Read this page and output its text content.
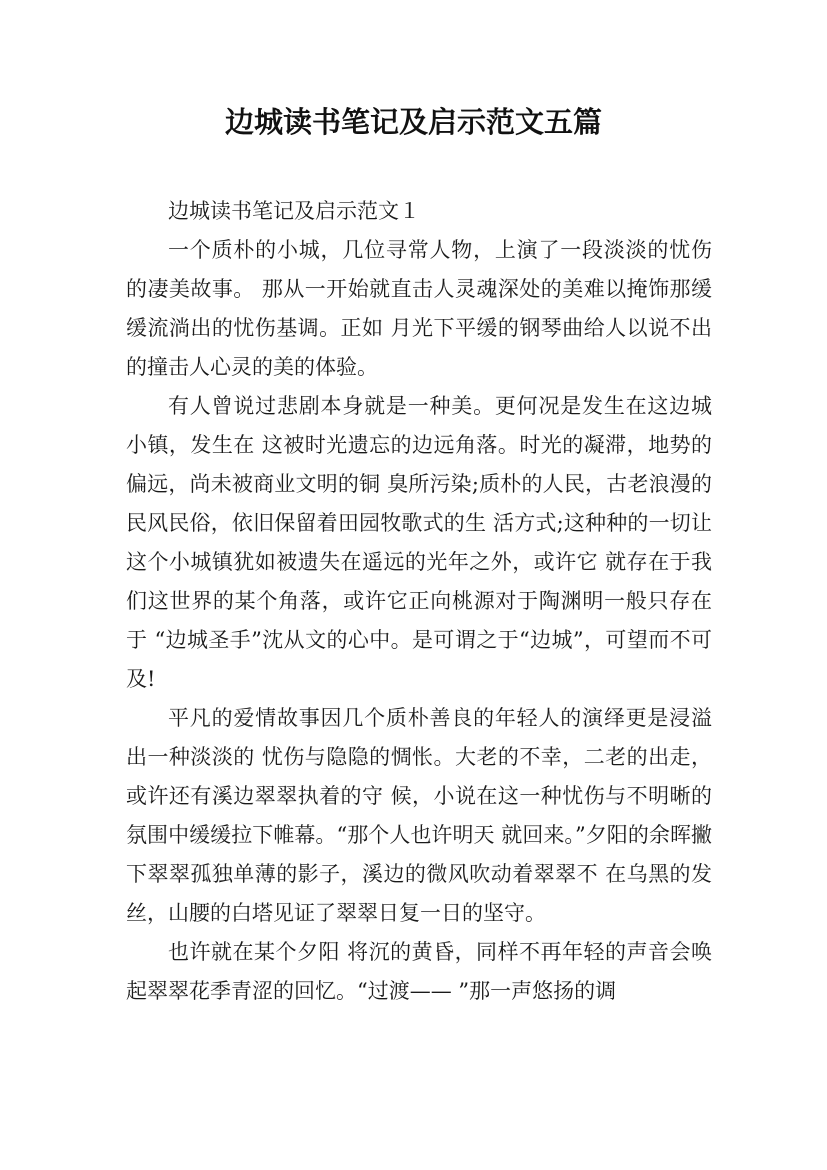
边城读书笔记及启示范文五篇

边城读书笔记及启示范文１

一个质朴的小城，几位寻常人物，上演了一段淡淡的忧伤的凄美故事。 那从一开始就直击人灵魂深处的美难以掩饰那缓缓流淌出的忧伤基调。正如 月光下平缓的钢琴曲给人以说不出的撞击人心灵的美的体验。

有人曾说过悲剧本身就是一种美。更何况是发生在这边城小镇，发生在 这被时光遗忘的边远角落。时光的凝滞，地势的偏远，尚未被商业文明的铜 臭所污染;质朴的人民，古老浪漫的民风民俗，依旧保留着田园牧歌式的生 活方式;这种种的一切让这个小城镇犹如被遗失在遥远的光年之外，或许它 就存在于我们这世界的某个角落，或许它正向桃源对于陶渊明一般只存在于 “边城圣手”沈从文的心中。是可谓之于“边城”，可望而不可及!

平凡的爱情故事因几个质朴善良的年轻人的演绎更是浸溢出一种淡淡的 忧伤与隐隐的惆怅。大老的不幸，二老的出走，或许还有溪边翠翠执着的守 候，小说在这一种忧伤与不明晰的氛围中缓缓拉下帷幕。“那个人也许明天 就回来。”夕阳的余晖撇下翠翠孤独单薄的影子，溪边的微风吹动着翠翠不 在乌黑的发丝，山腰的白塔见证了翠翠日复一日的坚守。

也许就在某个夕阳 将沉的黄昏，同样不再年轻的声音会唤起翠翠花季青涩的回忆。“过渡—— ”那一声悠扬的调
